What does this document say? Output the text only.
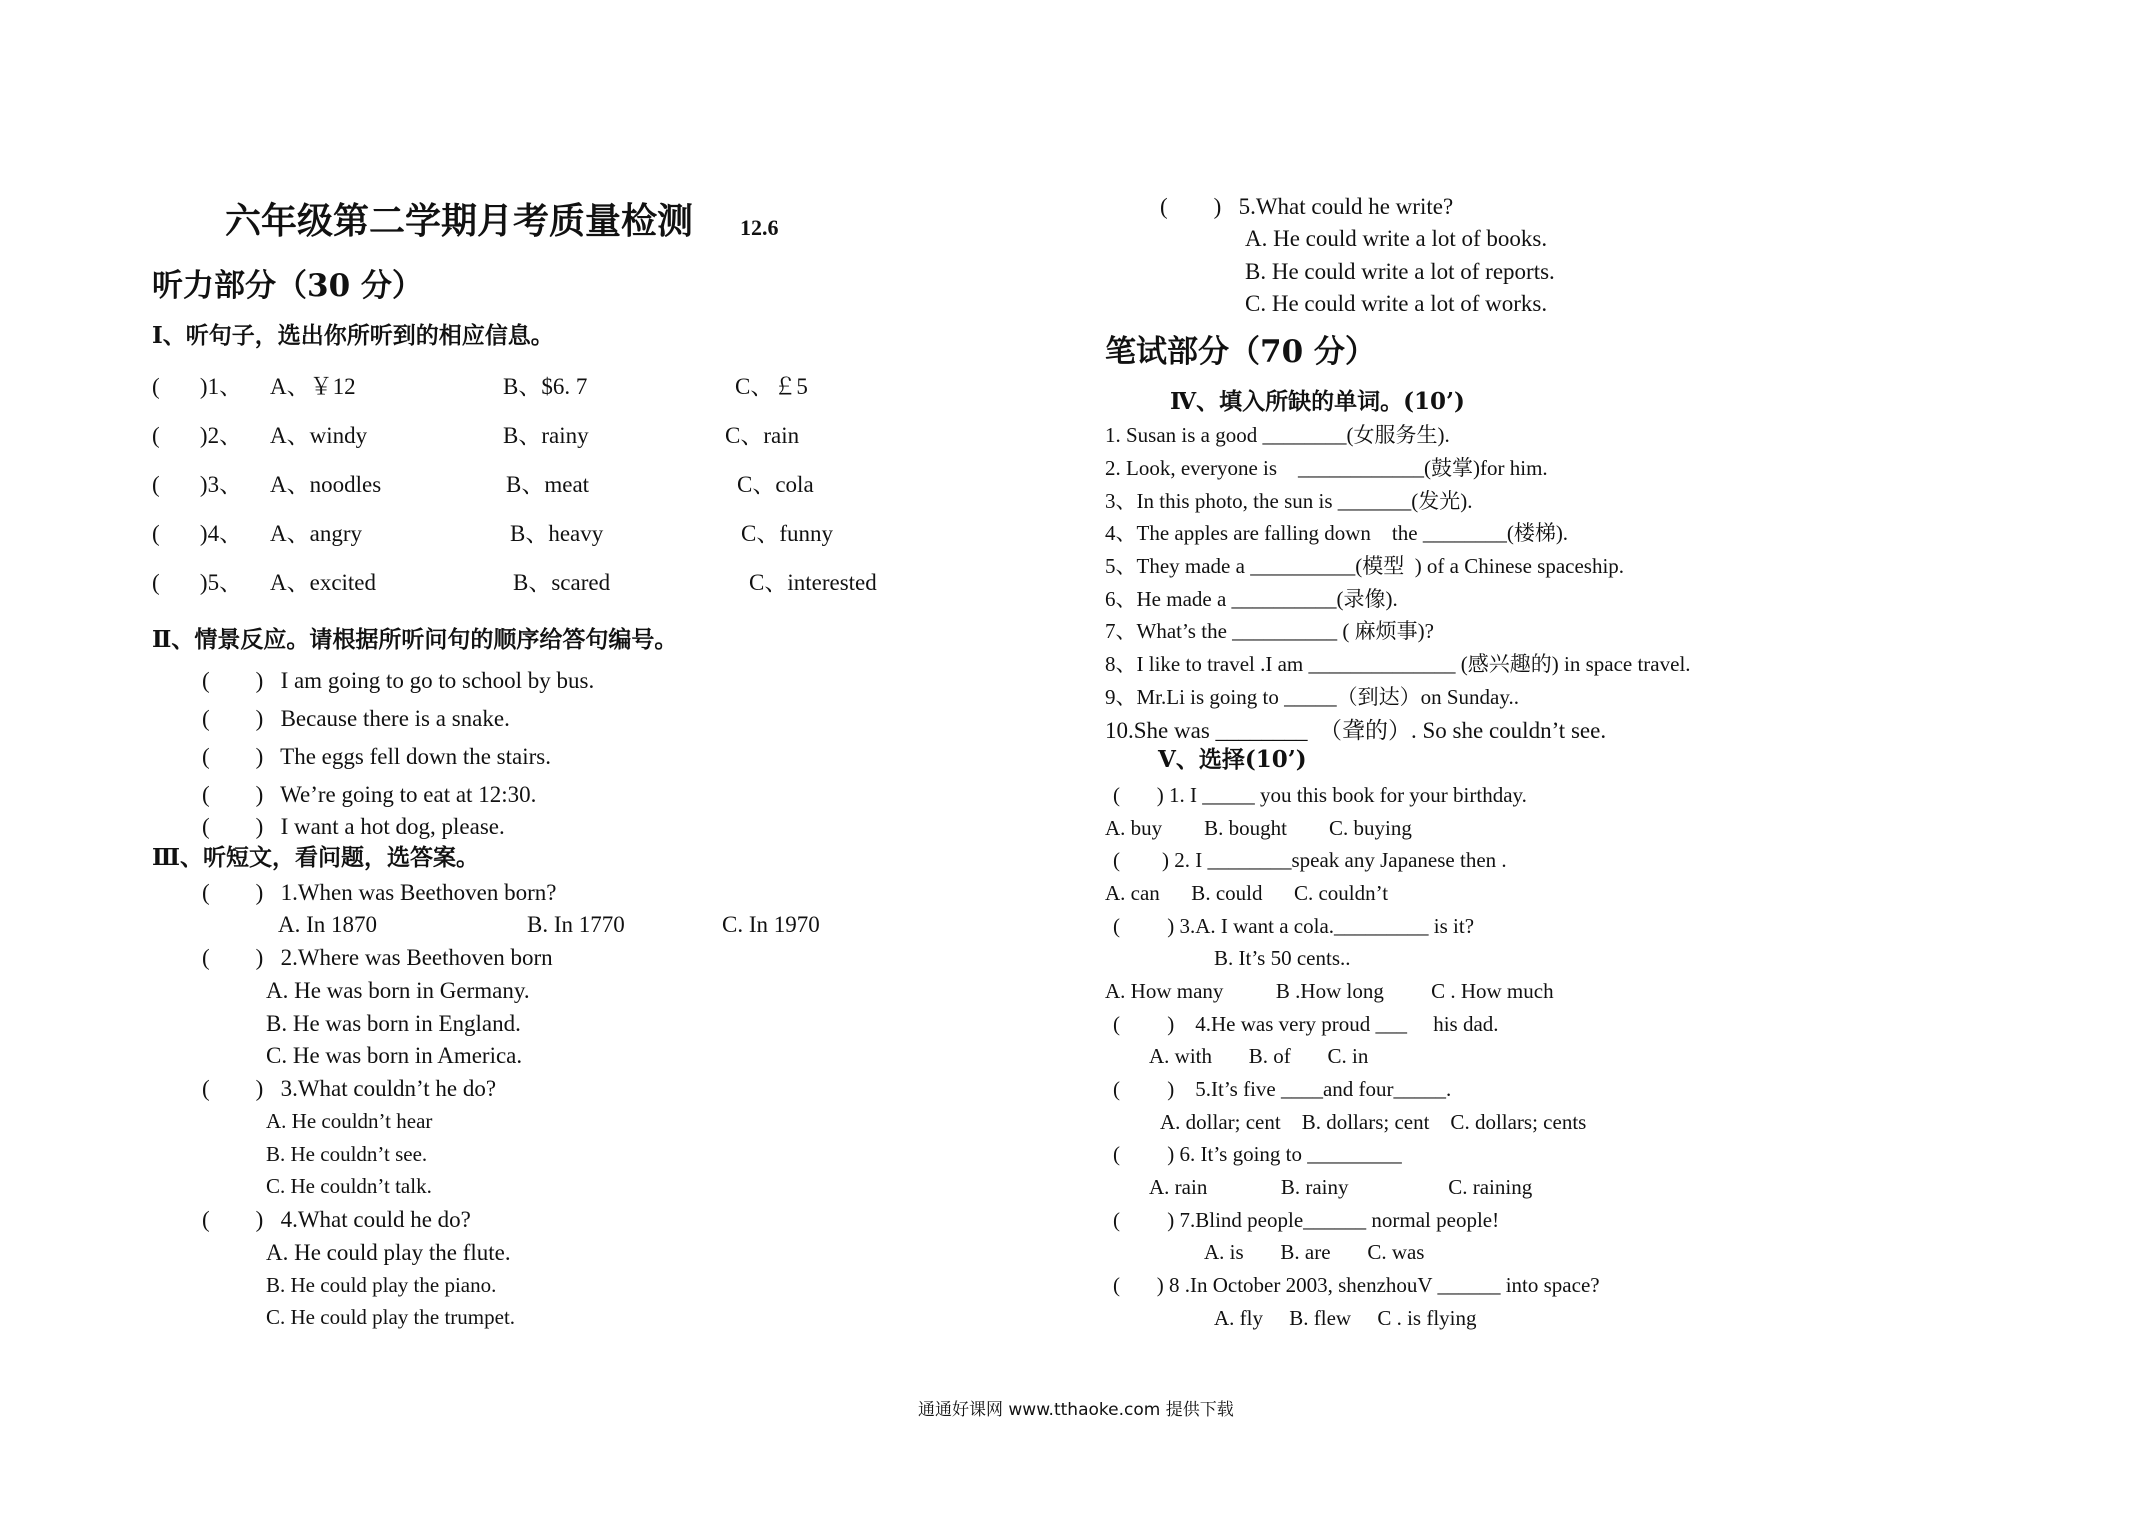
六年级第二学期月考质量检测 12.6
听力部分（30 分）
Ⅰ、听句子，选出你所听到的相应信息。
(       )1、 A、￥12	B、$6. 7	C、￡5
(       )2、 A、windy	B、rainy	C、rain
(       )3、 A、noodles	B、meat	C、cola
(       )4、 A、angry	B、heavy	C、funny
(       )5、 A、excited	B、scared	C、interested
Ⅱ、情景反应。请根据所听问句的顺序给答句编号。
(        )   I am going to go to school by bus.
(        )   Because there is a snake.
(        )   The eggs fell down the stairs.
(        )   We’re going to eat at 12:30.
(        )   I want a hot dog, please.
Ⅲ、听短文，看问题，选答案。
(        )   1.When was Beethoven born?
A. In 1870	B. In 1770	C. In 1970
(        )   2.Where was Beethoven born
A. He was born in Germany.
B. He was born in England.
C. He was born in America.
(        )   3.What couldn’t he do?
A. He couldn’t hear
B. He couldn’t see.
C. He couldn’t talk.
(        )   4.What could he do?
A. He could play the flute.
B. He could play the piano.
C. He could play the trumpet.
(        )   5.What could he write?
A. He could write a lot of books.
B. He could write a lot of reports.
C. He could write a lot of works.
笔试部分（70 分）
Ⅳ、填入所缺的单词。(10’)
1. Susan is a good ________(女服务生).
2. Look, everyone is    ____________(鼓掌)for him.
3、In this photo, the sun is _______(发光).
4、The apples are falling down    the ________(楼梯).
5、They made a __________(模型  ) of a Chinese spaceship.
6、He made a __________(录像).
7、What’s the __________ ( 麻烦事)?
8、I like to travel .I am ______________ (感兴趣的) in space travel.
9、Mr.Li is going to _____（到达）on Sunday..
10.She was ________  （聋的）. So she couldn’t see.
Ⅴ、选择(10’)
(       ) 1. I _____ you this book for your birthday.
A. buy        B. bought        C. buying
(        ) 2. I ________speak any Japanese then .
A. can      B. could      C. couldn’t
(         ) 3.A. I want a cola._________ is it?
B. It’s 50 cents..
A. How many          B .How long         C . How much
(         )    4.He was very proud ___     his dad.
A. with       B. of       C. in
(         )    5.It’s five ____and four_____.
A. dollar; cent    B. dollars; cent    C. dollars; cents
(         ) 6. It’s going to _________
A. rain              B. rainy                   C. raining
(         ) 7.Blind people______ normal people!
A. is       B. are       C. was
(       ) 8 .In October 2003, shenzhouV ______ into space?
A. fly     B. flew     C . is flying
通通好课网 www.tthaoke.com 提供下载
